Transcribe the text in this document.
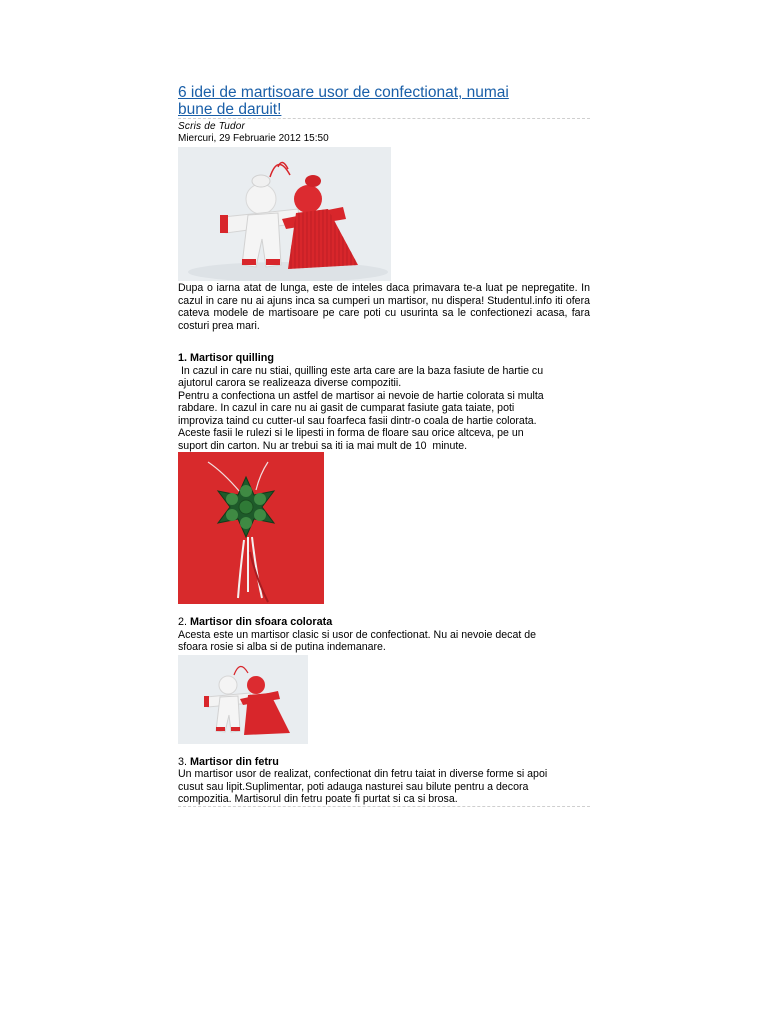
6 idei de martisoare usor de confectionat, numai
bune de daruit!
Scris de Tudor
Miercuri, 29 Februarie 2012 15:50

Dupa o iarna atat de lunga, este de inteles daca primavara te-a luat pe nepregatite. In cazul in care nu ai ajuns inca sa cumperi un martisor, nu dispera! Studentul.info iti ofera cateva modele de martisoare pe care poti cu usurinta sa le confectionezi acasa, fara costuri prea mari.

1. Martisor quilling

In cazul in care nu stiai, quilling este arta care are la baza fasiute de hartie cu
ajutorul carora se realizeaza diverse compozitii.
Pentru a confectiona un astfel de martisor ai nevoie de hartie colorata si multa
rabdare. In cazul in care nu ai gasit de cumparat fasiute gata taiate, poti
improviza taind cu cutter-ul sau foarfeca fasii dintr-o coala de hartie colorata.
Aceste fasii le rulezi si le lipesti in forma de floare sau orice altceva, pe un
suport din carton. Nu ar trebui sa iti ia mai mult de 10  minute.

2. Martisor din sfoara colorata

Acesta este un martisor clasic si usor de confectionat. Nu ai nevoie decat de
sfoara rosie si alba si de putina indemanare.

3. Martisor din fetru

Un martisor usor de realizat, confectionat din fetru taiat in diverse forme si apoi
cusut sau lipit.Suplimentar, poti adauga nasturei sau bilute pentru a decora
compozitia. Martisorul din fetru poate fi purtat si ca si brosa.
